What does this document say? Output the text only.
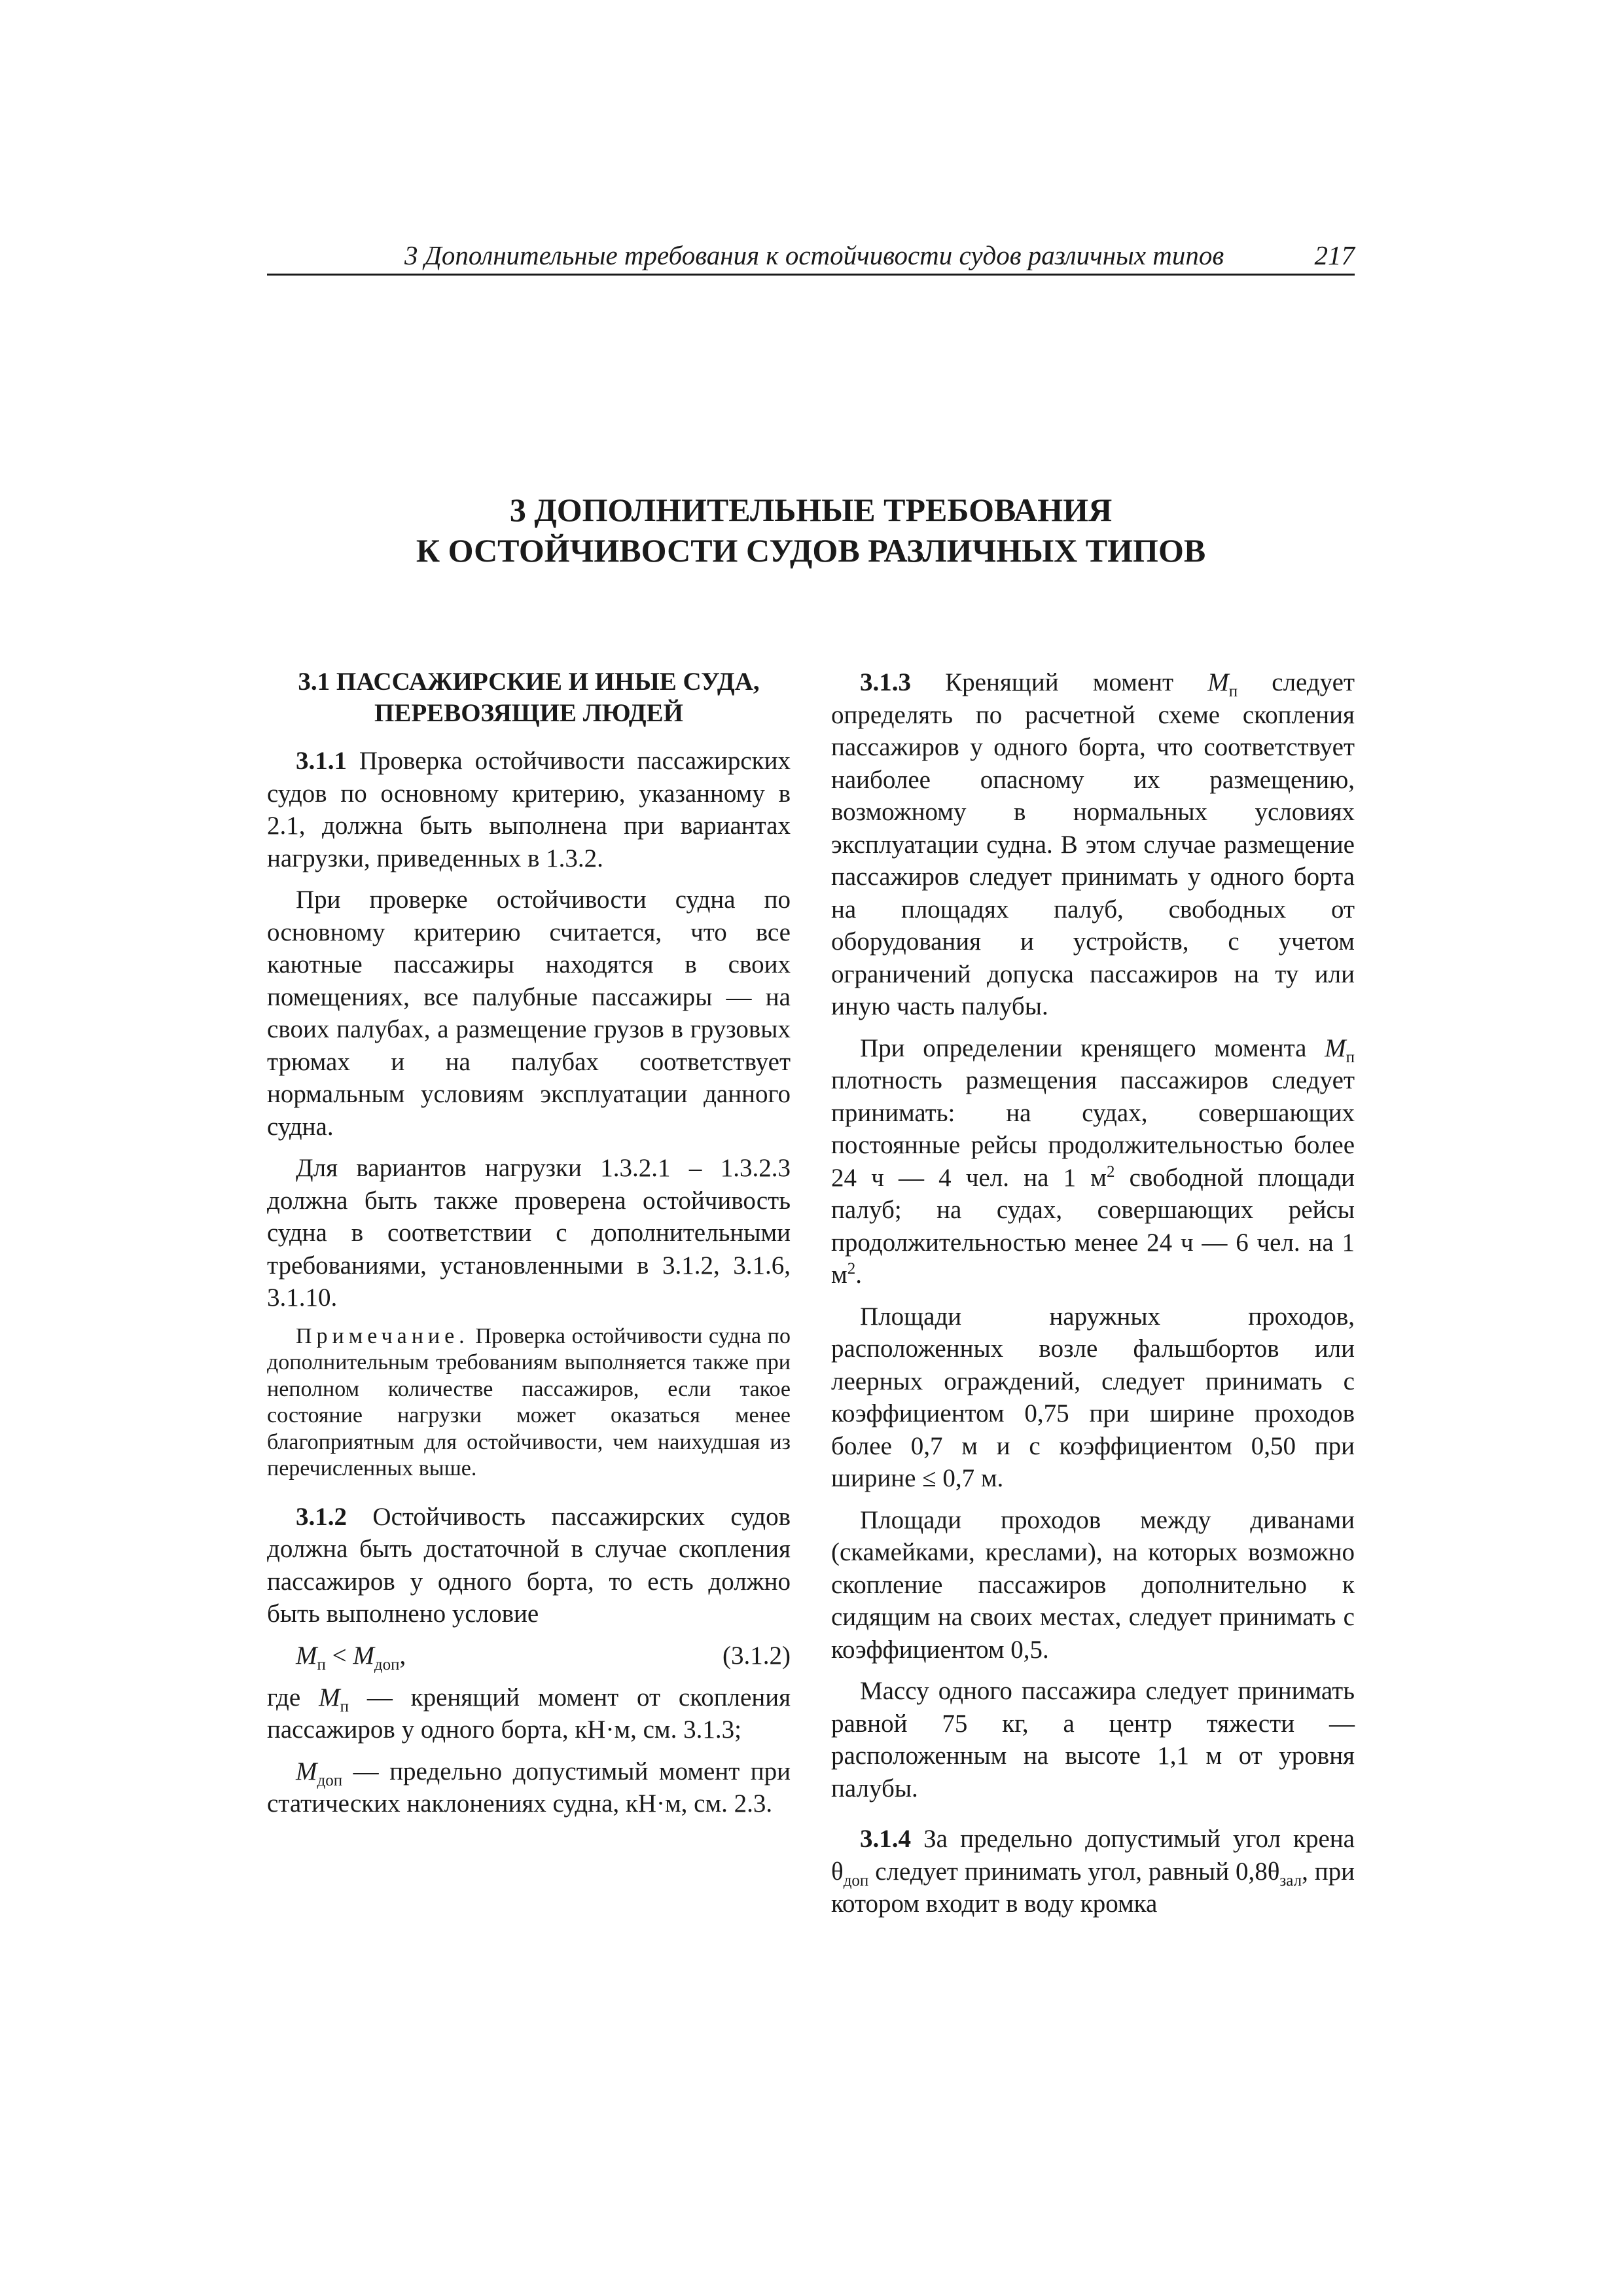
3 Дополнительные требования к остойчивости судов различных типов	217
3 ДОПОЛНИТЕЛЬНЫЕ ТРЕБОВАНИЯ
К ОСТОЙЧИВОСТИ СУДОВ РАЗЛИЧНЫХ ТИПОВ
3.1 ПАССАЖИРСКИЕ И ИНЫЕ СУДА,
ПЕРЕВОЗЯЩИЕ ЛЮДЕЙ

3.1.1 Проверка остойчивости пассажирских судов по основному критерию, указанному в 2.1, должна быть выполнена при вариантах нагрузки, приведенных в 1.3.2.

При проверке остойчивости судна по основному критерию считается, что все каютные пассажиры находятся в своих помещениях, все палубные пассажиры — на своих палубах, а размещение грузов в грузовых трюмах и на палубах соответствует нормальным условиям эксплуатации данного судна.

Для вариантов нагрузки 1.3.2.1 – 1.3.2.3 должна быть также проверена остойчивость судна в соответствии с дополнительными требованиями, установленными в 3.1.2, 3.1.6, 3.1.10.

Примечание. Проверка остойчивости судна по дополнительным требованиям выполняется также при неполном количестве пассажиров, если такое состояние нагрузки может оказаться менее благоприятным для остойчивости, чем наихудшая из перечисленных выше.

3.1.2 Остойчивость пассажирских судов должна быть достаточной в случае скопления пассажиров у одного борта, то есть должно быть выполнено условие

$M_п < M_{доп}$,	(3.1.2)

где $M_п$ — кренящий момент от скопления пассажиров у одного борта, кН·м, см. 3.1.3;

$M_{доп}$ — предельно допустимый момент при статических наклонениях судна, кН·м, см. 2.3.

3.1.3 Кренящий момент $M_п$ следует определять по расчетной схеме скопления пассажиров у одного борта, что соответствует наиболее опасному их размещению, возможному в нормальных условиях эксплуатации судна. В этом случае размещение пассажиров следует принимать у одного борта на площадях палуб, свободных от оборудования и устройств, с учетом ограничений допуска пассажиров на ту или иную часть палубы.

При определении кренящего момента $M_п$ плотность размещения пассажиров следует принимать: на судах, совершающих постоянные рейсы продолжительностью более 24 ч — 4 чел. на 1 $м^2$ свободной площади палуб; на судах, совершающих рейсы продолжительностью менее 24 ч — 6 чел. на 1 $м^2$.

Площади наружных проходов, расположенных возле фальшбортов или леерных ограждений, следует принимать с коэффициентом 0,75 при ширине проходов более 0,7 м и с коэффициентом 0,50 при ширине ≤ 0,7 м.

Площади проходов между диванами (скамейками, креслами), на которых возможно скопление пассажиров дополнительно к сидящим на своих местах, следует принимать с коэффициентом 0,5.

Массу одного пассажира следует принимать равной 75 кг, а центр тяжести — расположенным на высоте 1,1 м от уровня палубы.

3.1.4 За предельно допустимый угол крена $\theta_{доп}$ следует принимать угол, равный $0,8\theta_{зал}$, при котором входит в воду кромка
